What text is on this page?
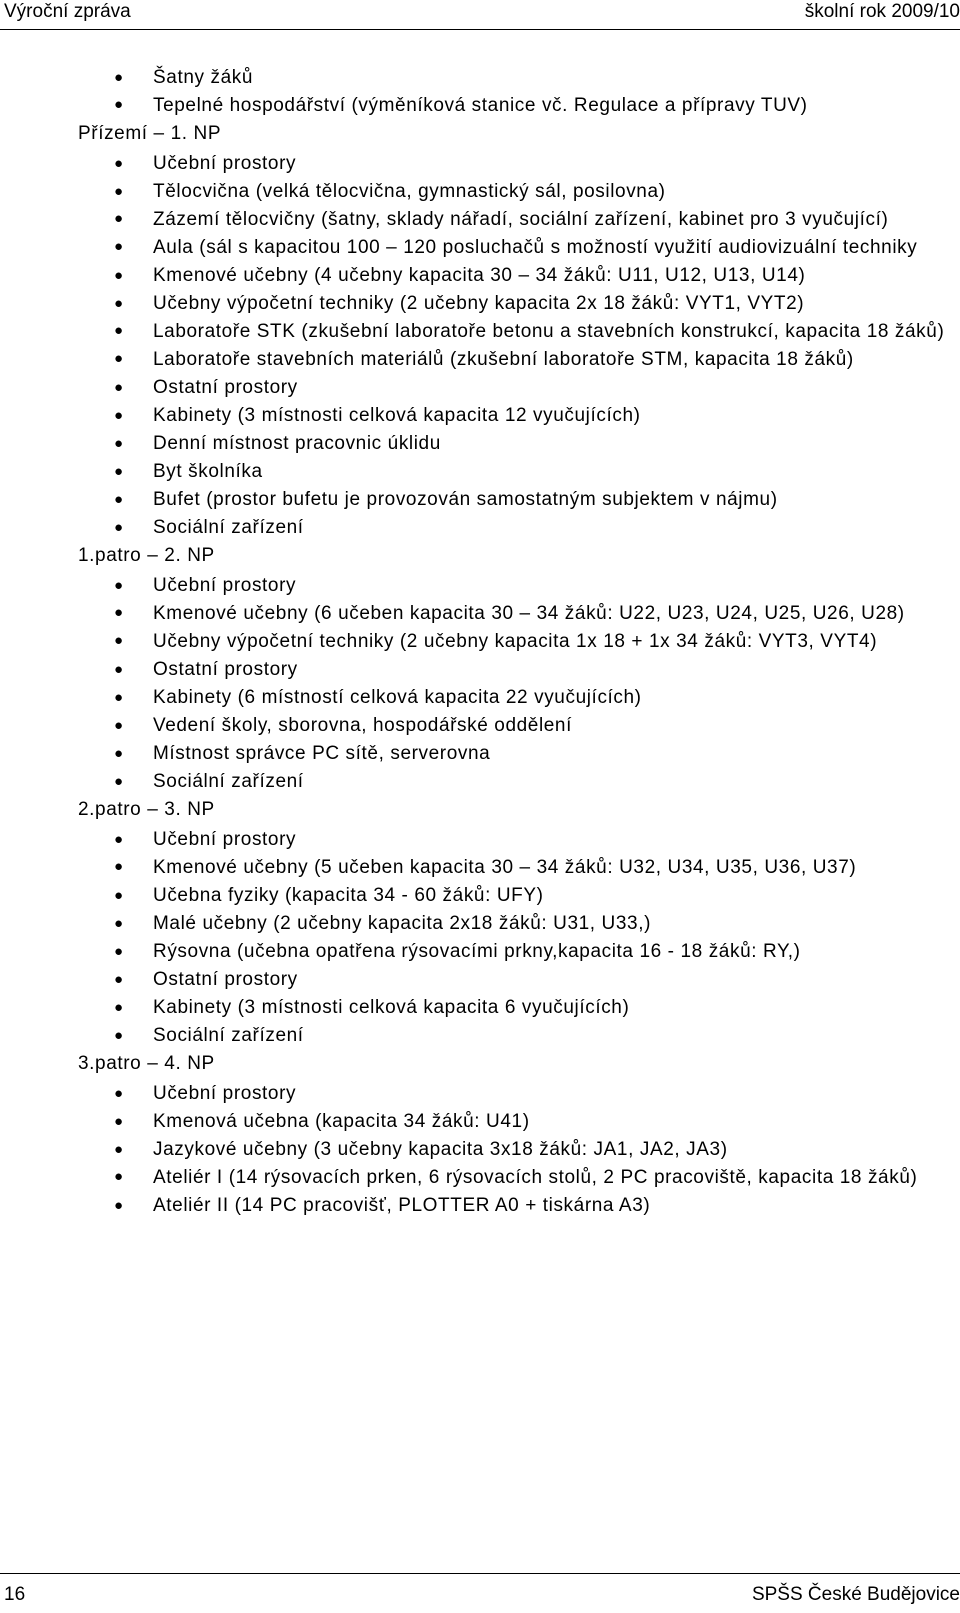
Výroční zpráva	školní rok 2009/10
● Šatny žáků
● Tepelné hospodářství (výměníková stanice vč. Regulace a přípravy TUV)
Přízemí – 1. NP
● Učební prostory
● Tělocvična (velká tělocvična, gymnastický sál, posilovna)
● Zázemí tělocvičny (šatny, sklady nářadí, sociální zařízení, kabinet pro 3 vyučující)
● Aula (sál s kapacitou 100 – 120 posluchačů s možností využití audiovizuální techniky
● Kmenové učebny (4 učebny kapacita 30 – 34 žáků: U11, U12, U13, U14)
● Učebny výpočetní techniky (2 učebny kapacita 2x 18 žáků: VYT1, VYT2)
● Laboratoře STK (zkušební laboratoře betonu a stavebních konstrukcí, kapacita 18 žáků)
● Laboratoře stavebních materiálů (zkušební laboratoře STM, kapacita 18 žáků)
● Ostatní prostory
● Kabinety (3 místnosti celková kapacita 12 vyučujících)
● Denní místnost pracovnic úklidu
● Byt školníka
● Bufet (prostor bufetu je provozován samostatným subjektem v nájmu)
● Sociální zařízení
1.patro – 2. NP
● Učební prostory
● Kmenové učebny (6 učeben kapacita 30 – 34 žáků: U22, U23, U24, U25, U26, U28)
● Učebny výpočetní techniky (2 učebny kapacita 1x 18 + 1x 34 žáků: VYT3, VYT4)
● Ostatní prostory
● Kabinety (6 místností celková kapacita 22 vyučujících)
● Vedení školy, sborovna, hospodářské oddělení
● Místnost správce PC sítě, serverovna
● Sociální zařízení
2.patro – 3. NP
● Učební prostory
● Kmenové učebny (5 učeben kapacita 30 – 34 žáků: U32, U34, U35, U36, U37)
● Učebna fyziky (kapacita 34 - 60 žáků: UFY)
● Malé učebny (2 učebny kapacita 2x18 žáků: U31, U33,)
● Rýsovna (učebna opatřena rýsovacími prkny,kapacita 16 - 18 žáků: RY,)
● Ostatní prostory
● Kabinety (3 místnosti celková kapacita 6 vyučujících)
● Sociální zařízení
3.patro – 4. NP
● Učební prostory
● Kmenová učebna (kapacita 34 žáků: U41)
● Jazykové učebny (3 učebny kapacita 3x18 žáků: JA1, JA2, JA3)
● Ateliér I (14 rýsovacích prken, 6 rýsovacích stolů, 2 PC pracoviště, kapacita 18 žáků)
● Ateliér II (14 PC pracovišť, PLOTTER A0 + tiskárna A3)
16	SPŠS České Budějovice
